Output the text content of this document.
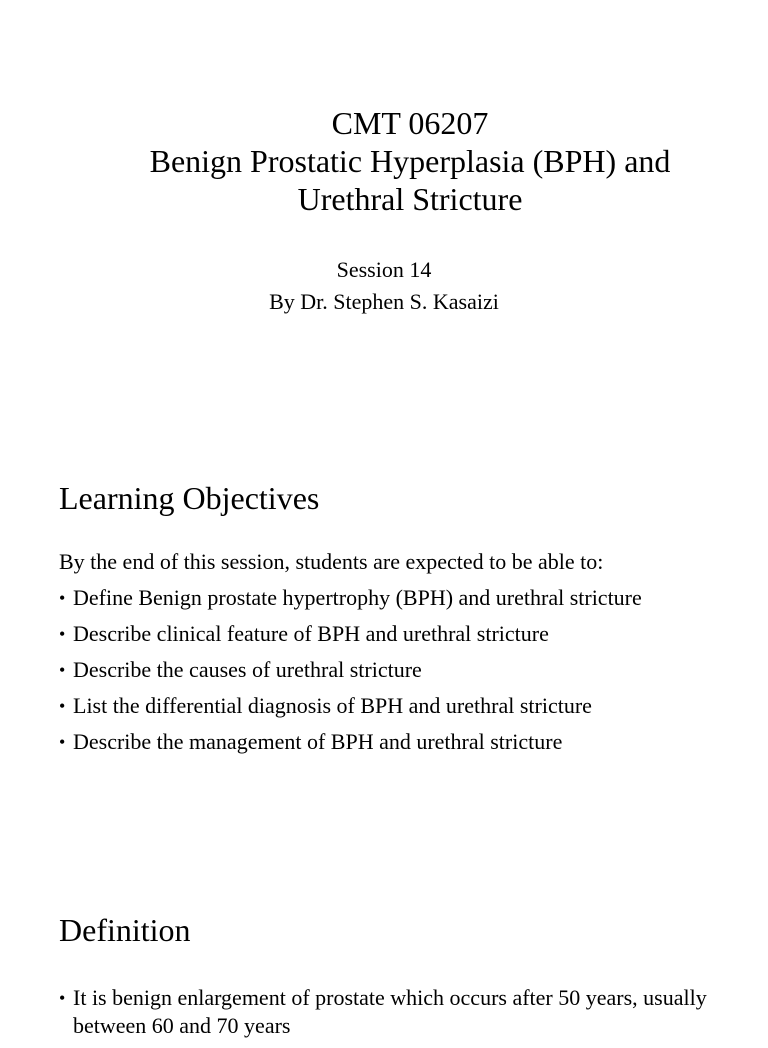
CMT 06207
Benign Prostatic Hyperplasia (BPH) and
Urethral Stricture
Session 14
By Dr. Stephen S. Kasaizi
Learning Objectives
By the end of this session, students are expected to be able to:
• Define Benign prostate hypertrophy (BPH) and urethral stricture
• Describe clinical feature of BPH and urethral stricture
• Describe the causes of urethral stricture
• List the differential diagnosis of BPH and urethral stricture
• Describe the management of BPH and urethral stricture
Definition
• It is benign enlargement of prostate which occurs after 50 years, usually between 60 and 70 years
